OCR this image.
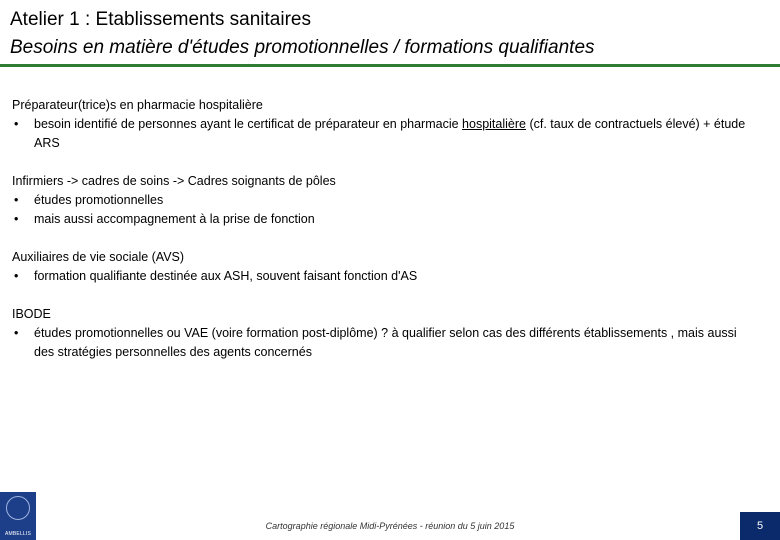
Atelier 1 : Etablissements sanitaires
Besoins en matière d'études promotionnelles / formations qualifiantes
Préparateur(trice)s en pharmacie hospitalière
• besoin identifié de personnes ayant le certificat de préparateur en pharmacie hospitalière (cf. taux de contractuels élevé) + étude ARS
Infirmiers -> cadres de soins -> Cadres soignants de pôles
• études promotionnelles
• mais aussi accompagnement à la prise de fonction
Auxiliaires de vie sociale (AVS)
• formation qualifiante destinée aux ASH, souvent faisant fonction d'AS
IBODE
• études promotionnelles ou VAE (voire formation post-diplôme) ? à qualifier selon cas des différents établissements , mais aussi des stratégies personnelles des agents concernés
AMBELLIS
Cartographie régionale Midi-Pyrénées - réunion du 5 juin 2015	5
